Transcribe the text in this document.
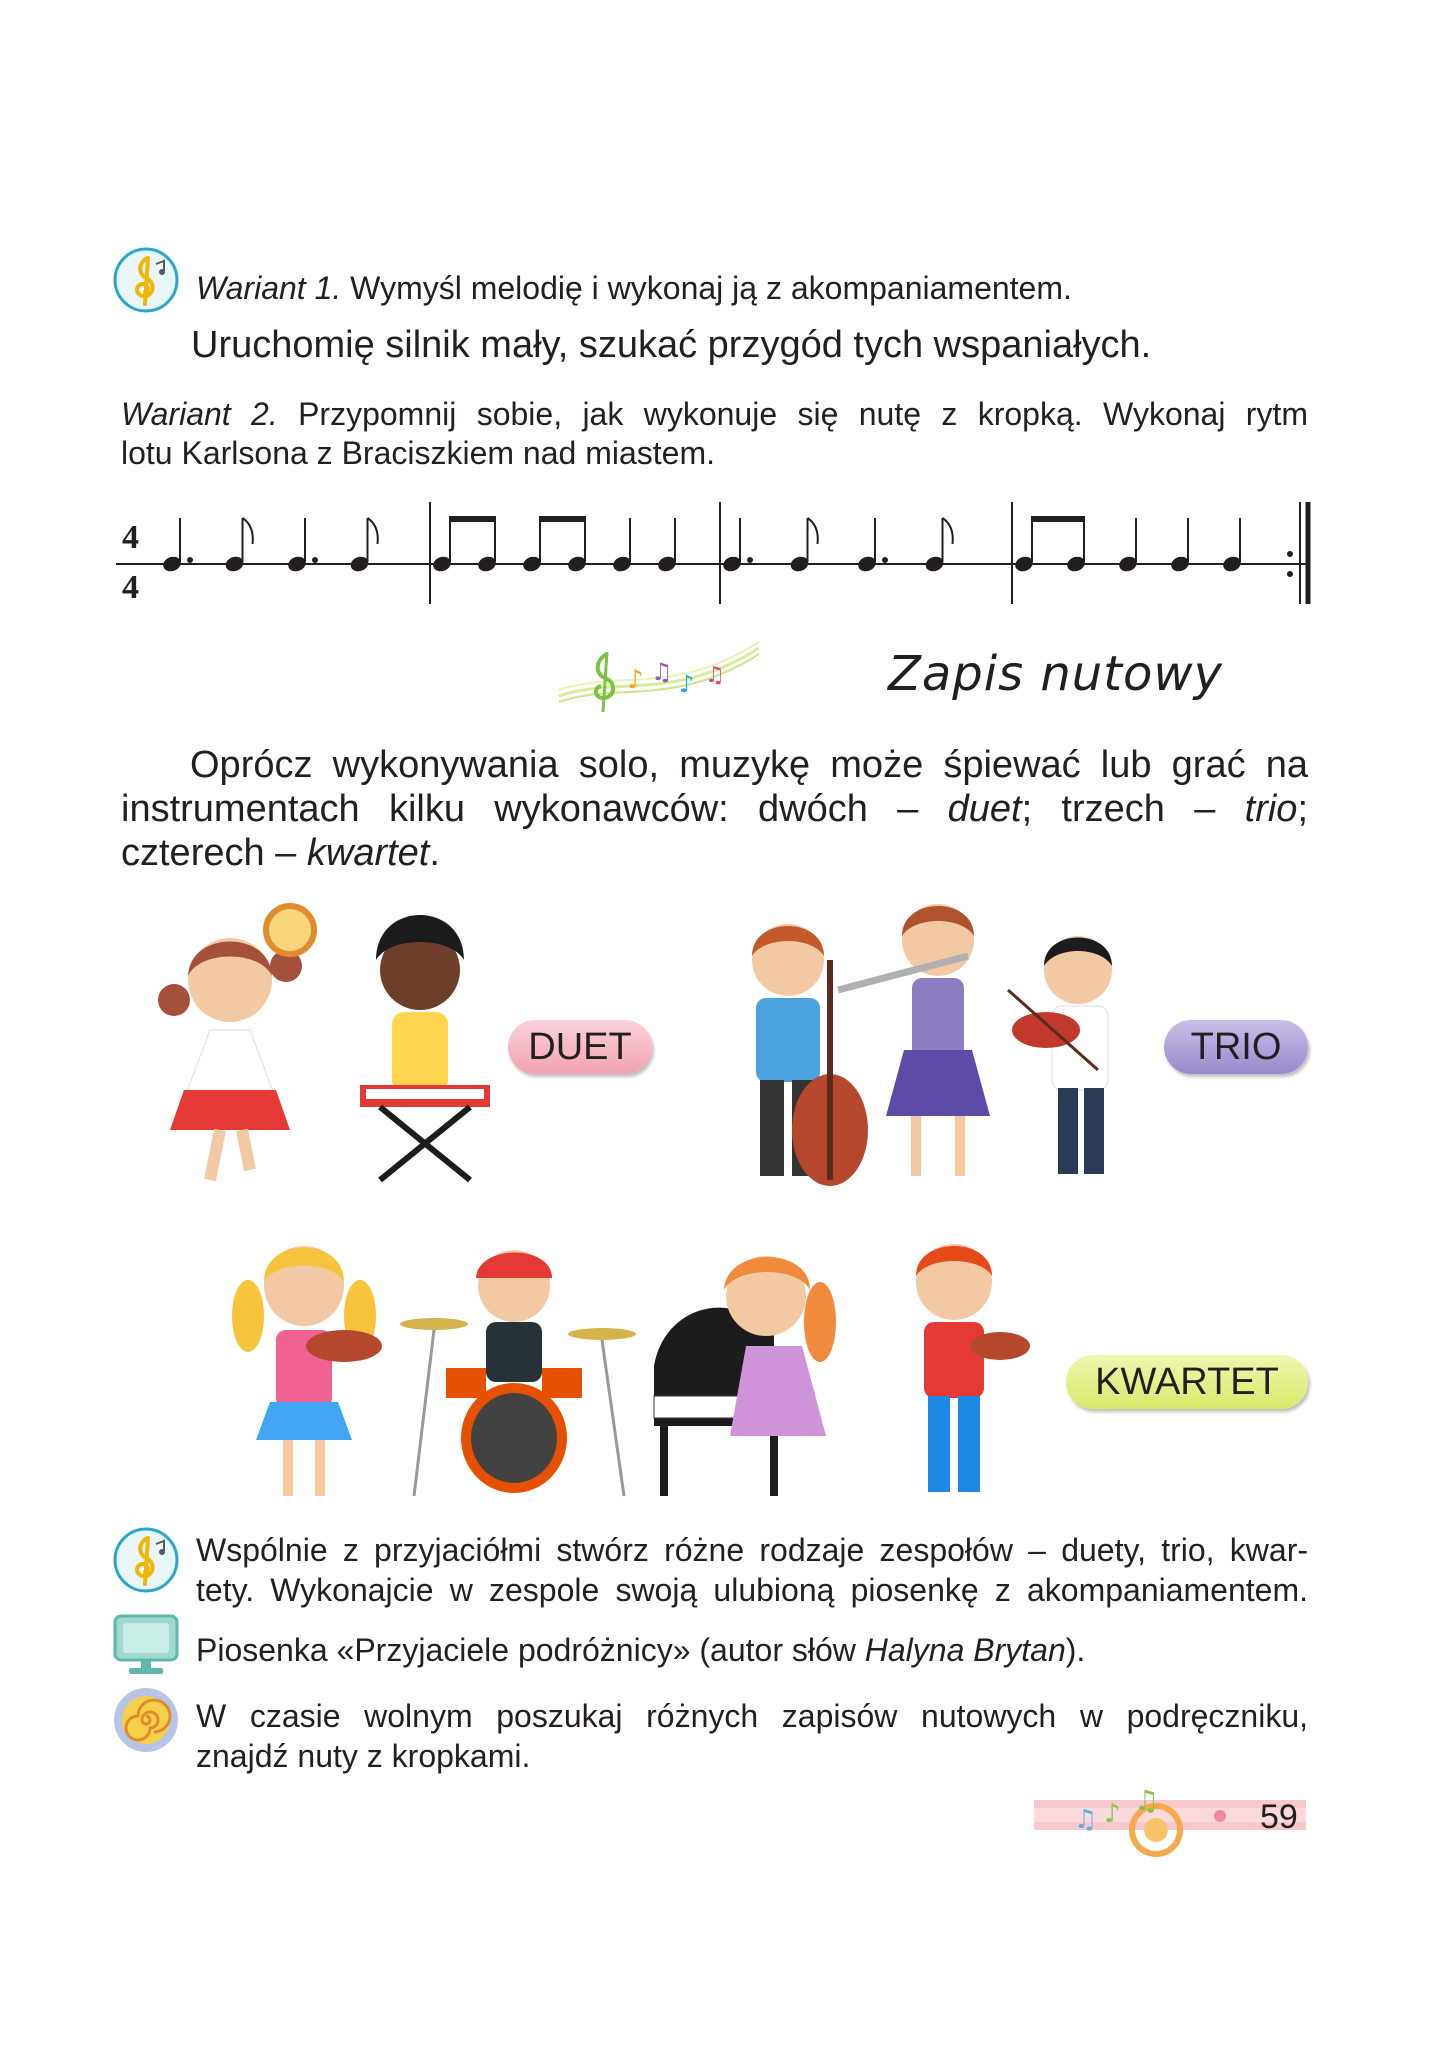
Wariant 1. Wymyśl melodię i wykonaj ją z akompaniamentem.
Uruchomię silnik mały, szukać przygód tych wspaniałych.
Wariant 2. Przypomnij sobie, jak wykonuje się nutę z kropką. Wykonaj rytm
lotu Karlsona z Braciszkiem nad miastem.
4
4
♪ ♫ ♪ ♫	Zapis nutowy
Oprócz wykonywania solo, muzykę może śpiewać lub grać na
instrumentach kilku wykonawców: dwóch – duet; trzech – trio;
czterech – kwartet.
DUET	TRIO
KWARTET
Wspólnie z przyjaciółmi stwórz różne rodzaje zespołów – duety, trio, kwar-
tety. Wykonajcie w zespole swoją ulubioną piosenkę z akompaniamentem.
Piosenka «Przyjaciele podróżnicy» (autor słów Halyna Brytan).
W czasie wolnym poszukaj różnych zapisów nutowych w podręczniku,
znajdź nuty z kropkami.
♫ ♪ ♫	59
